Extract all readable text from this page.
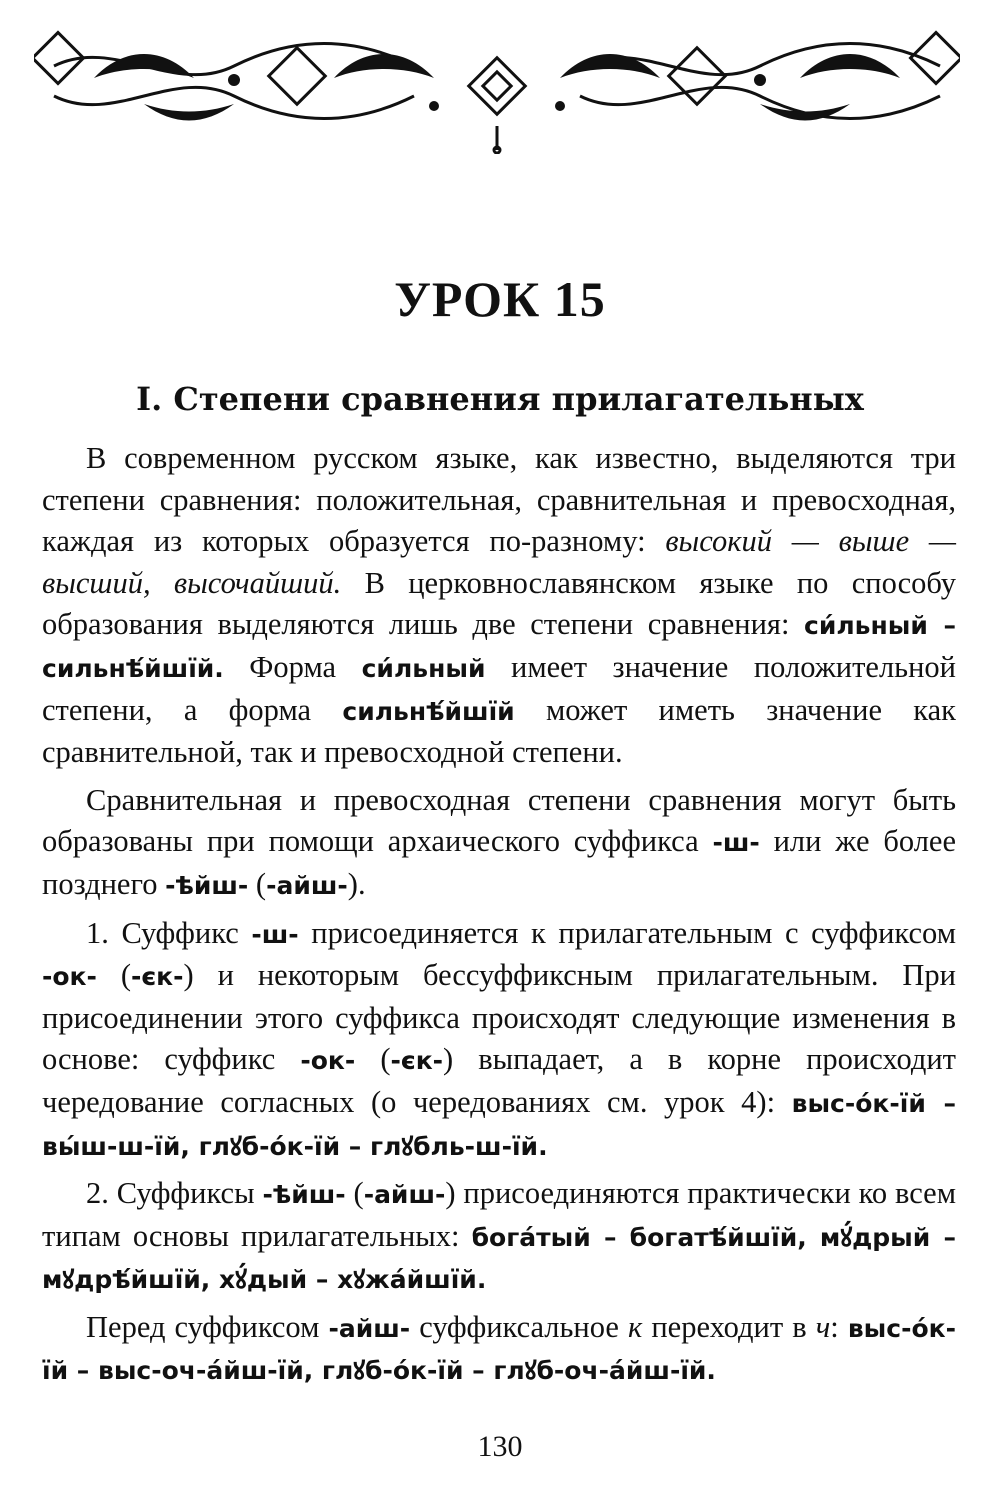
УРОК 15
I. Степени сравнения прилагательных

В современном русском языке, как известно, выделяются три степени сравнения: положительная, сравнительная и превосходная, каждая из которых образуется по-разному: высокий — выше — высший, высочайший. В церковнославянском языке по способу образования выделяются лишь две степени сравнения: си́льный – сильнѣ́йшїй. Форма си́льный имеет значение положительной степени, а форма сильнѣ́йшїй может иметь значение как сравнительной, так и превосходной степени.

Сравнительная и превосходная степени сравнения могут быть образованы при помощи архаического суффикса -ш- или же более позднего -ѣйш- (-айш-).

1. Суффикс -ш- присоединяется к прилагательным с суффиксом -ок- (-єк-) и некоторым бессуффиксным прилагательным. При присоединении этого суффикса происходят следующие изменения в основе: суффикс -ок- (-єк-) выпадает, а в корне происходит чередование согласных (о чередованиях см. урок 4): выс-о́к-їй – вы́ш-ш-їй, глꙋб-о́к-їй – глꙋбль-ш-їй.

2. Суффиксы -ѣйш- (-айш-) присоединяются практически ко всем типам основы прилагательных: бога́тый – богатѣ́йшїй, мꙋ́дрый – мꙋдрѣ́йшїй, хꙋ́дый – хꙋжа́йшїй.

Перед суффиксом -айш- суффиксальное к переходит в ч: выс-о́к-їй – выс-оч-а́йш-їй, глꙋб-о́к-їй – глꙋб-оч-а́йш-їй.

130
